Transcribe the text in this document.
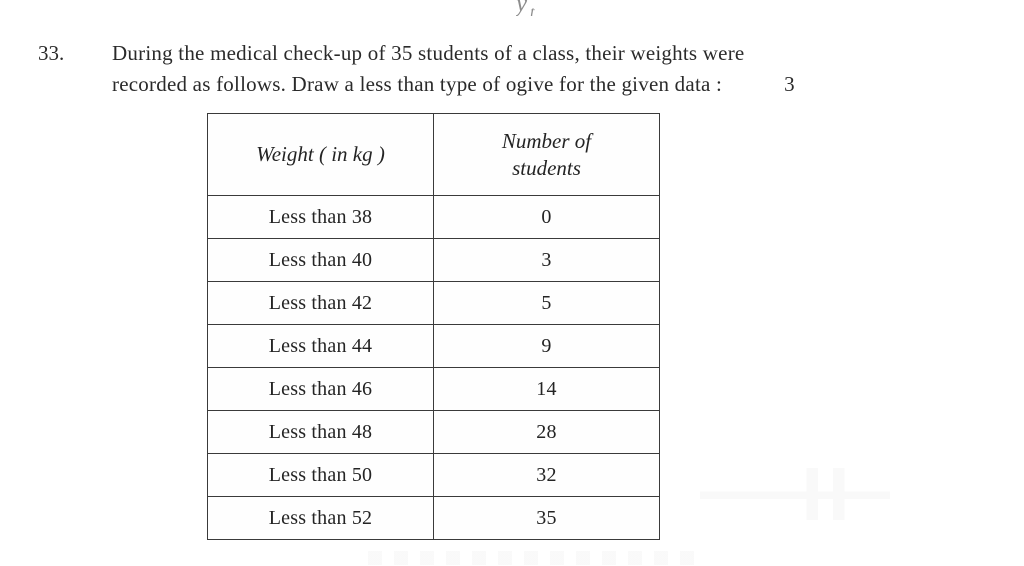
$y_t$
33.	During the medical check-up of 35 students of a class, their weights were
recorded as follows. Draw a less than type of ogive for the given data :	3
Weight ( in kg )	Number of
students

Less than 38	0
Less than 40	3
Less than 42	5
Less than 44	9
Less than 46	14
Less than 48	28
Less than 50	32
Less than 52	35
